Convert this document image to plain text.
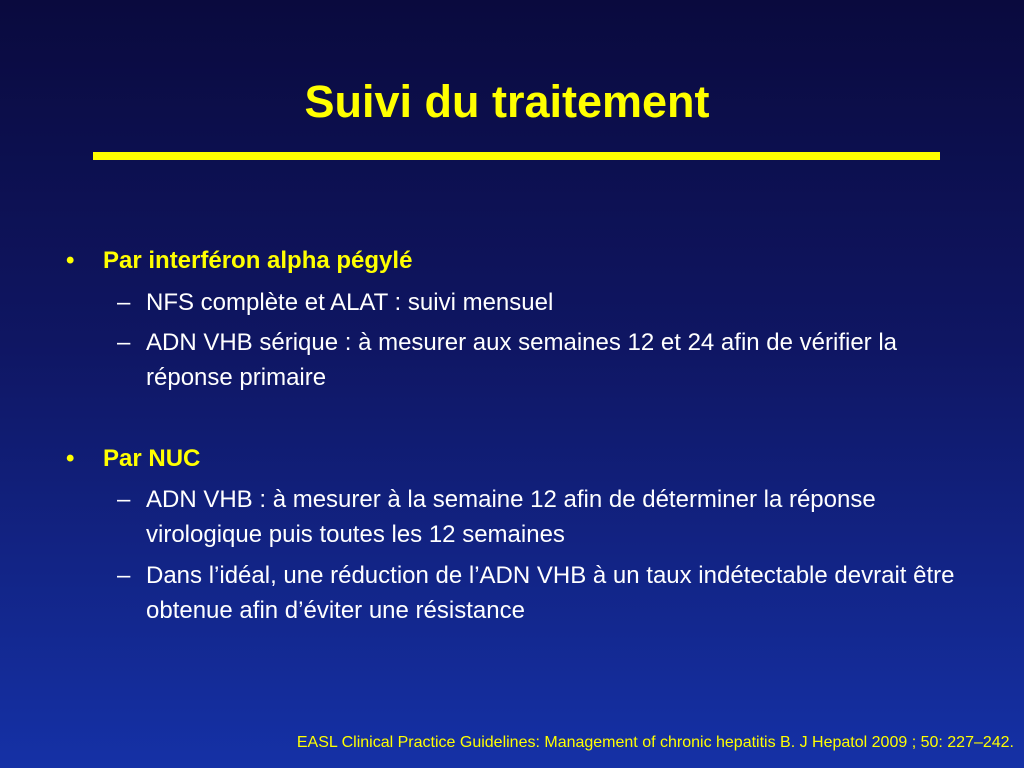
Suivi du traitement
• Par interféron alpha pégylé
– NFS complète et ALAT : suivi mensuel
– ADN VHB sérique : à mesurer aux semaines 12 et 24 afin de vérifier la réponse primaire
• Par NUC
– ADN VHB : à mesurer à la semaine 12 afin de déterminer la réponse virologique puis toutes les 12 semaines
– Dans l’idéal, une réduction de l’ADN VHB à un taux indétectable devrait être obtenue afin d’éviter une résistance
EASL Clinical Practice Guidelines: Management of chronic hepatitis B. J Hepatol 2009 ; 50: 227–242.
